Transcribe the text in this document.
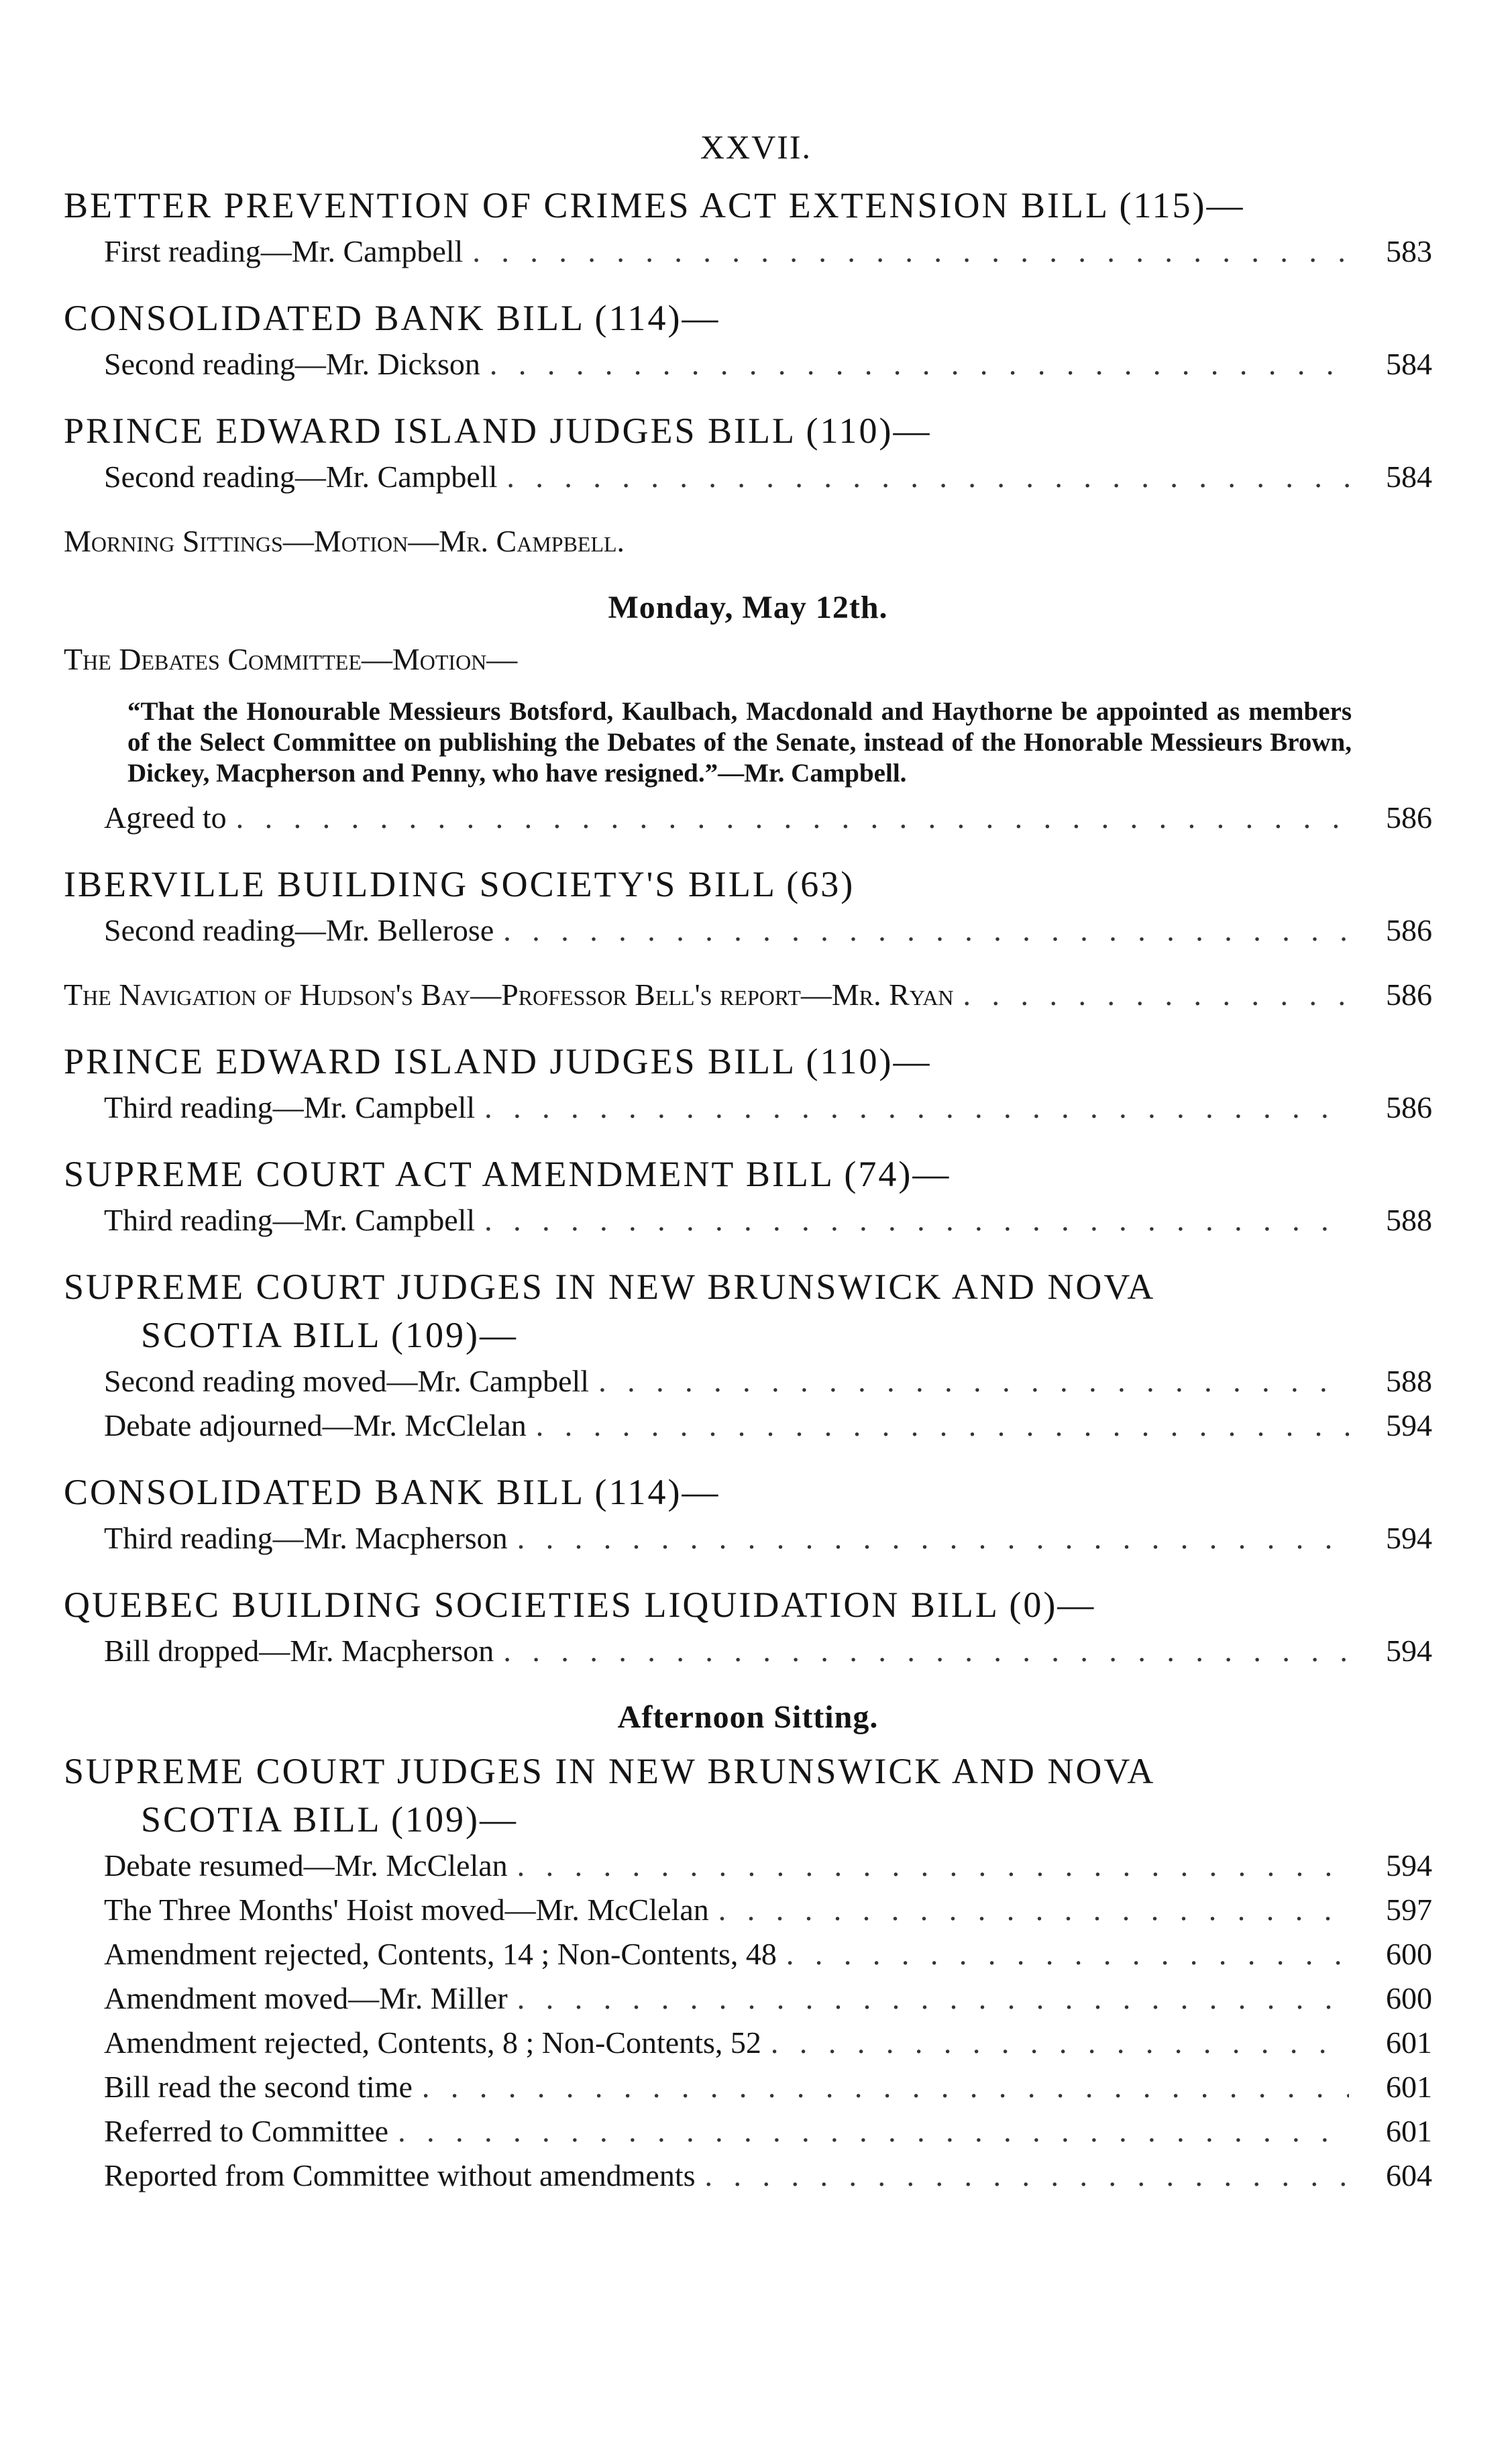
XXVII.
BETTER PREVENTION OF CRIMES ACT EXTENSION BILL (115)—
First reading—Mr. Campbell . . .	583
CONSOLIDATED BANK BILL (114)—
Second reading—Mr. Dickson . . .	584
PRINCE EDWARD ISLAND JUDGES BILL (110)—
Second reading—Mr. Campbell . . .	584
Morning Sittings—Motion—Mr. Campbell.
Monday, May 12th.
The Debates Committee—Motion—
“That the Honourable Messieurs Botsford, Kaulbach, Macdonald and Haythorne be appointed as members of the Select Committee on publishing the Debates of the Senate, instead of the Honorable Messieurs Brown, Dickey, Macpherson and Penny, who have resigned.”—Mr. Campbell.
Agreed to . . .	586
IBERVILLE BUILDING SOCIETY'S BILL (63)
Second reading—Mr. Bellerose . . .	586
The Navigation of Hudson's Bay—Professor Bell's report—Mr. Ryan . . .	586
PRINCE EDWARD ISLAND JUDGES BILL (110)—
Third reading—Mr. Campbell . . .	586
SUPREME COURT ACT AMENDMENT BILL (74)—
Third reading—Mr. Campbell . . .	588
SUPREME COURT JUDGES IN NEW BRUNSWICK AND NOVA
SCOTIA BILL (109)—
Second reading moved—Mr. Campbell . . .	588
Debate adjourned—Mr. McClelan . . .	594
CONSOLIDATED BANK BILL (114)—
Third reading—Mr. Macpherson . . .	594
QUEBEC BUILDING SOCIETIES LIQUIDATION BILL (0)—
Bill dropped—Mr. Macpherson . . .	594
Afternoon Sitting.
SUPREME COURT JUDGES IN NEW BRUNSWICK AND NOVA
SCOTIA BILL (109)—
Debate resumed—Mr. McClelan . . .	594
The Three Months' Hoist moved—Mr. McClelan . . .	597
Amendment rejected, Contents, 14 ; Non-Contents, 48 . . .	600
Amendment moved—Mr. Miller . . .	600
Amendment rejected, Contents, 8 ; Non-Contents, 52 . . .	601
Bill read the second time . . .	601
Referred to Committee . . .	601
Reported from Committee without amendments . . .	604
